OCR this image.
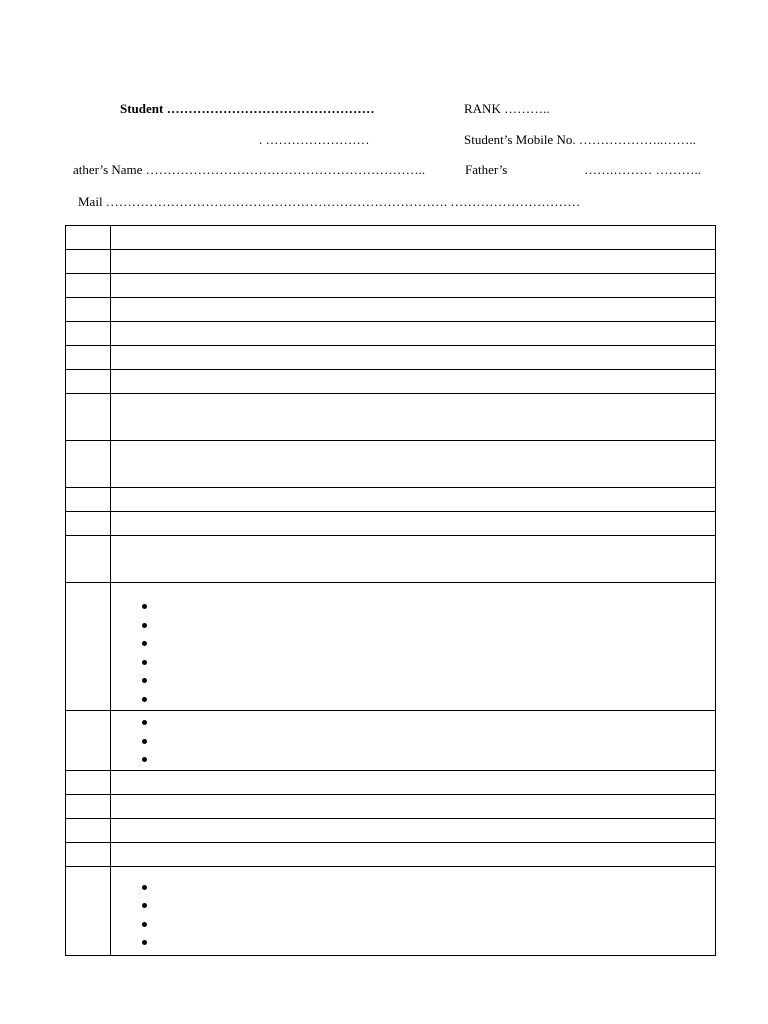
Student …………………………………………	RANK ………..
. ……………………	Student’s Mobile No. ………………..……..
ather’s Name ………………………………………………………..	Father’s	…….……… ………..
Mail ……………………………………………………………………. …………………………
